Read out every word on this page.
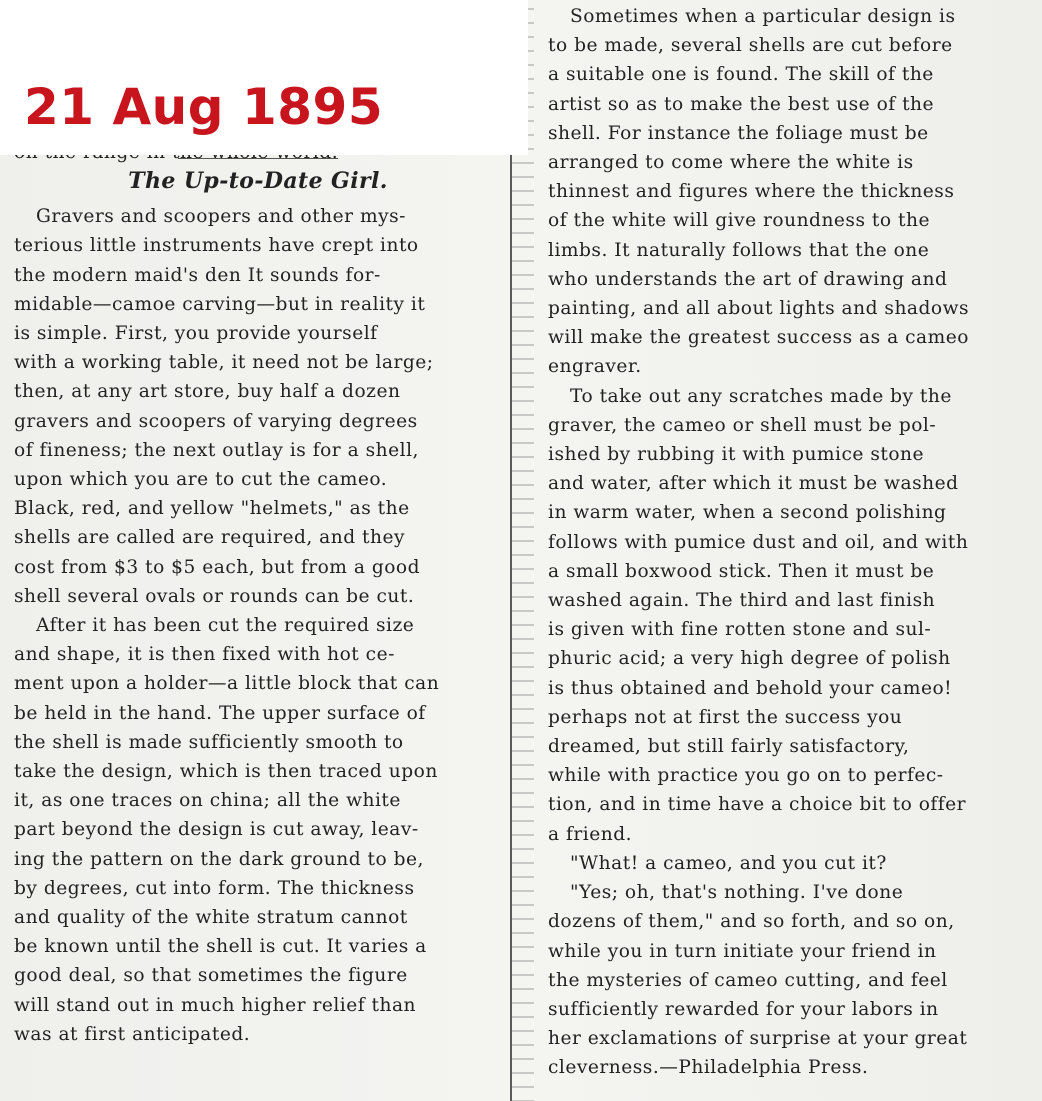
The Up-to-Date Girl.

Gravers and scoopers and other mys-
terious little instruments have crept into
the modern maid's den It sounds for-
midable—camoe carving—but in reality it
is simple. First, you provide yourself
with a working table, it need not be large;
then, at any art store, buy half a dozen
gravers and scoopers of varying degrees
of fineness; the next outlay is for a shell,
upon which you are to cut the cameo.
Black, red, and yellow "helmets," as the
shells are called are required, and they
cost from $3 to $5 each, but from a good
shell several ovals or rounds can be cut.

After it has been cut the required size
and shape, it is then fixed with hot ce-
ment upon a holder—a little block that can
be held in the hand. The upper surface of
the shell is made sufficiently smooth to
take the design, which is then traced upon
it, as one traces on china; all the white
part beyond the design is cut away, leav-
ing the pattern on the dark ground to be,
by degrees, cut into form. The thickness
and quality of the white stratum cannot
be known until the shell is cut. It varies a
good deal, so that sometimes the figure
will stand out in much higher relief than
was at first anticipated.

Sometimes when a particular design is
to be made, several shells are cut before
a suitable one is found. The skill of the
artist so as to make the best use of the
shell. For instance the foliage must be
arranged to come where the white is
thinnest and figures where the thickness
of the white will give roundness to the
limbs. It naturally follows that the one
who understands the art of drawing and
painting, and all about lights and shadows
will make the greatest success as a cameo
engraver.

To take out any scratches made by the
graver, the cameo or shell must be pol-
ished by rubbing it with pumice stone
and water, after which it must be washed
in warm water, when a second polishing
follows with pumice dust and oil, and with
a small boxwood stick. Then it must be
washed again. The third and last finish
is given with fine rotten stone and sul-
phuric acid; a very high degree of polish
is thus obtained and behold your cameo!
perhaps not at first the success you
dreamed, but still fairly satisfactory,
while with practice you go on to perfec-
tion, and in time have a choice bit to offer
a friend.

"What! a cameo, and you cut it?

"Yes; oh, that's nothing. I've done
dozens of them," and so forth, and so on,
while you in turn initiate your friend in
the mysteries of cameo cutting, and feel
sufficiently rewarded for your labors in
her exclamations of surprise at your great
cleverness.—Philadelphia Press.

21 Aug 1895
